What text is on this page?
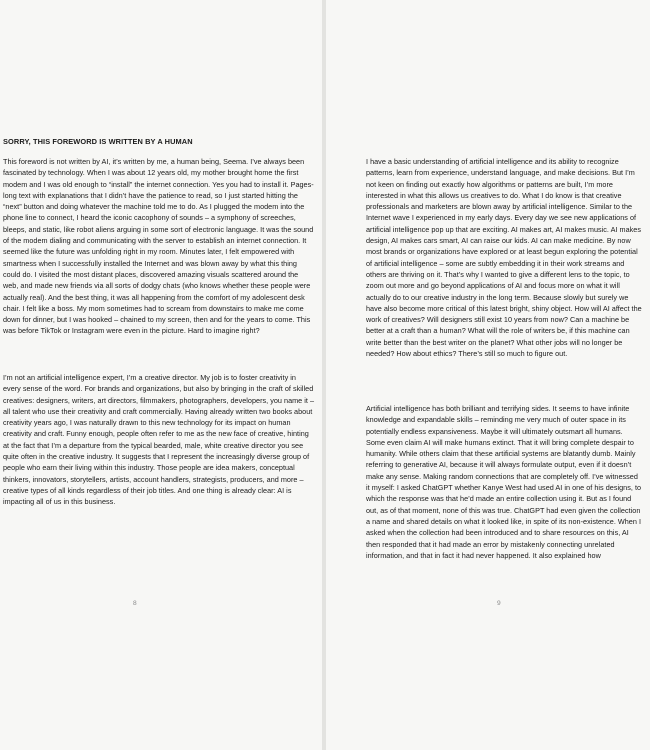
SORRY, THIS FOREWORD IS WRITTEN BY A HUMAN

This foreword is not written by AI, it’s written by me, a human being, Seema. I’ve always been fascinated by technology. When I was about 12 years old, my mother brought home the first modem and I was old enough to “install” the internet connection. Yes you had to install it. Pages-long text with explanations that I didn’t have the patience to read, so I just started hitting the “next” button and doing whatever the machine told me to do. As I plugged the modem into the phone line to connect, I heard the iconic cacophony of sounds – a symphony of screeches, bleeps, and static, like robot aliens arguing in some sort of electronic language. It was the sound of the modem dialing and communicating with the server to establish an internet connection. It seemed like the future was unfolding right in my room. Minutes later, I felt empowered with smartness when I successfully installed the Internet and was blown away by what this thing could do. I visited the most distant places, discovered amazing visuals scattered around the web, and made new friends via all sorts of dodgy chats (who knows whether these people were actually real). And the best thing, it was all happening from the comfort of my adolescent desk chair. I felt like a boss. My mom sometimes had to scream from downstairs to make me come down for dinner, but I was hooked – chained to my screen, then and for the years to come. This was before TikTok or Instagram were even in the picture. Hard to imagine right?

I’m not an artificial intelligence expert, I’m a creative director. My job is to foster creativity in every sense of the word. For brands and organizations, but also by bringing in the craft of skilled creatives: designers, writers, art directors, filmmakers, photographers, developers, you name it – all talent who use their creativity and craft commercially. Having already written two books about creativity years ago, I was naturally drawn to this new technology for its impact on human creativity and craft. Funny enough, people often refer to me as the new face of creative, hinting at the fact that I’m a departure from the typical bearded, male, white creative director you see quite often in the creative industry. It suggests that I represent the increasingly diverse group of people who earn their living within this industry. Those people are idea makers, conceptual thinkers, innovators, storytellers, artists, account handlers, strategists, producers, and more – creative types of all kinds regardless of their job titles. And one thing is already clear: AI is impacting all of us in this business.

I have a basic understanding of artificial intelligence and its ability to recognize patterns, learn from experience, understand language, and make decisions. But I’m not keen on finding out exactly how algorithms or patterns are built, I’m more interested in what this allows us creatives to do. What I do know is that creative professionals and marketers are blown away by artificial intelligence. Similar to the Internet wave I experienced in my early days. Every day we see new applications of artificial intelligence pop up that are exciting. AI makes art, AI makes music. AI makes design, AI makes cars smart, AI can raise our kids. AI can make medicine. By now most brands or organizations have explored or at least begun exploring the potential of artificial intelligence – some are subtly embedding it in their work streams and others are thriving on it. That’s why I wanted to give a different lens to the topic, to zoom out more and go beyond applications of AI and focus more on what it will actually do to our creative industry in the long term. Because slowly but surely we have also become more critical of this latest bright, shiny object. How will AI affect the work of creatives? Will designers still exist 10 years from now? Can a machine be better at a craft than a human? What will the role of writers be, if this machine can write better than the best writer on the planet? What other jobs will no longer be needed? How about ethics? There’s still so much to figure out.

Artificial intelligence has both brilliant and terrifying sides. It seems to have infinite knowledge and expandable skills – reminding me very much of outer space in its potentially endless expansiveness. Maybe it will ultimately outsmart all humans. Some even claim AI will make humans extinct. That it will bring complete despair to humanity. While others claim that these artificial systems are blatantly dumb. Mainly referring to generative AI, because it will always formulate output, even if it doesn’t make any sense. Making random connections that are completely off. I’ve witnessed it myself: I asked ChatGPT whether Kanye West had used AI in one of his designs, to which the response was that he’d made an entire collection using it. But as I found out, as of that moment, none of this was true. ChatGPT had even given the collection a name and shared details on what it looked like, in spite of its non-existence. When I asked when the collection had been introduced and to share resources on this, AI then responded that it had made an error by mistakenly connecting unrelated information, and that in fact it had never happened. It also explained how

8	9
